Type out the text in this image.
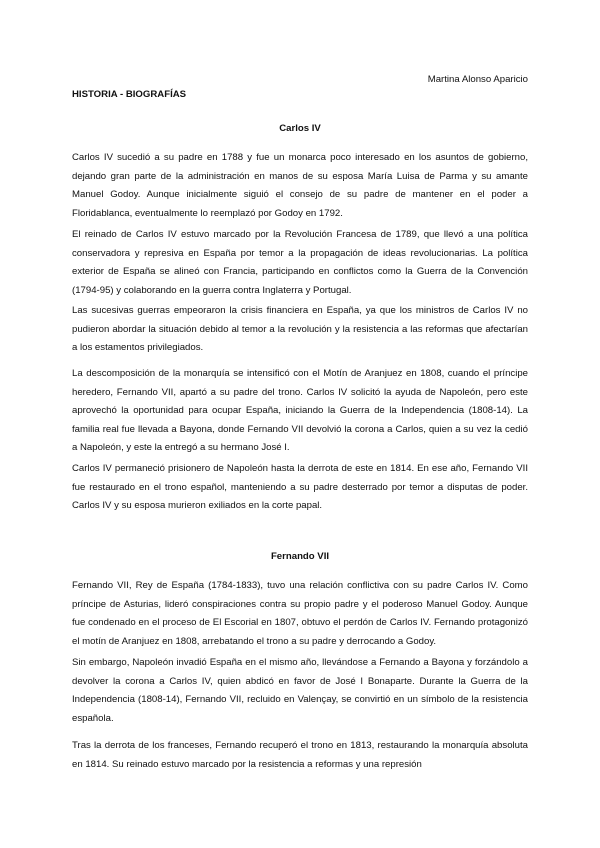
Martina Alonso Aparicio
HISTORIA - BIOGRAFÍAS
Carlos IV

Carlos IV sucedió a su padre en 1788 y fue un monarca poco interesado en los asuntos de gobierno, dejando gran parte de la administración en manos de su esposa María Luisa de Parma y su amante Manuel Godoy. Aunque inicialmente siguió el consejo de su padre de mantener en el poder a Floridablanca, eventualmente lo reemplazó por Godoy en 1792.

El reinado de Carlos IV estuvo marcado por la Revolución Francesa de 1789, que llevó a una política conservadora y represiva en España por temor a la propagación de ideas revolucionarias. La política exterior de España se alineó con Francia, participando en conflictos como la Guerra de la Convención (1794-95) y colaborando en la guerra contra Inglaterra y Portugal.

Las sucesivas guerras empeoraron la crisis financiera en España, ya que los ministros de Carlos IV no pudieron abordar la situación debido al temor a la revolución y la resistencia a las reformas que afectarían a los estamentos privilegiados.

La descomposición de la monarquía se intensificó con el Motín de Aranjuez en 1808, cuando el príncipe heredero, Fernando VII, apartó a su padre del trono. Carlos IV solicitó la ayuda de Napoleón, pero este aprovechó la oportunidad para ocupar España, iniciando la Guerra de la Independencia (1808-14). La familia real fue llevada a Bayona, donde Fernando VII devolvió la corona a Carlos, quien a su vez la cedió a Napoleón, y este la entregó a su hermano José I.

Carlos IV permaneció prisionero de Napoleón hasta la derrota de este en 1814. En ese año, Fernando VII fue restaurado en el trono español, manteniendo a su padre desterrado por temor a disputas de poder. Carlos IV y su esposa murieron exiliados en la corte papal.

Fernando VII

Fernando VII, Rey de España (1784-1833), tuvo una relación conflictiva con su padre Carlos IV. Como príncipe de Asturias, lideró conspiraciones contra su propio padre y el poderoso Manuel Godoy. Aunque fue condenado en el proceso de El Escorial en 1807, obtuvo el perdón de Carlos IV. Fernando protagonizó el motín de Aranjuez en 1808, arrebatando el trono a su padre y derrocando a Godoy.

Sin embargo, Napoleón invadió España en el mismo año, llevándose a Fernando a Bayona y forzándolo a devolver la corona a Carlos IV, quien abdicó en favor de José I Bonaparte. Durante la Guerra de la Independencia (1808-14), Fernando VII, recluido en Valençay, se convirtió en un símbolo de la resistencia española.

Tras la derrota de los franceses, Fernando recuperó el trono en 1813, restaurando la monarquía absoluta en 1814. Su reinado estuvo marcado por la resistencia a reformas y una represión
